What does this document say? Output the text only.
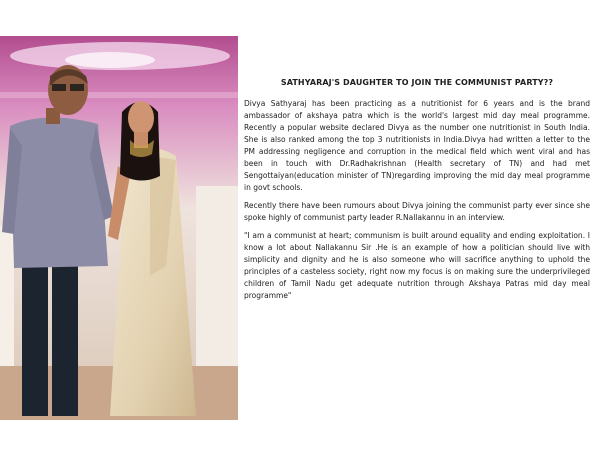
SATHYARAJ'S DAUGHTER TO JOIN THE COMMUNIST PARTY??

Divya Sathyaraj has been practicing as a nutritionist for 6 years and is the brand ambassador of akshaya patra which is the world's largest mid day meal programme. Recently a popular website declared Divya as the number one nutritionist in South India. She is also ranked among the top 3 nutritionists in India.Divya had written a letter to the PM addressing negligence and corruption in the medical field which went viral and has been in touch with Dr.Radhakrishnan (Health secretary of TN) and had met Sengottaiyan(education minister of TN)regarding improving the mid day meal programme in govt schools.

Recently there have been rumours about Divya joining the communist party ever since she spoke highly of communist party leader R.Nallakannu in an interview.

"I am a communist at heart; communism is built around equality and ending exploitation. I know a lot about Nallakannu Sir .He is an example of how a politician should live with simplicity and dignity and he is also someone who will sacrifice anything to uphold the principles of a casteless society, right now my focus is on making sure the underprivileged children of Tamil Nadu get adequate nutrition through Akshaya Patras mid day meal programme"
